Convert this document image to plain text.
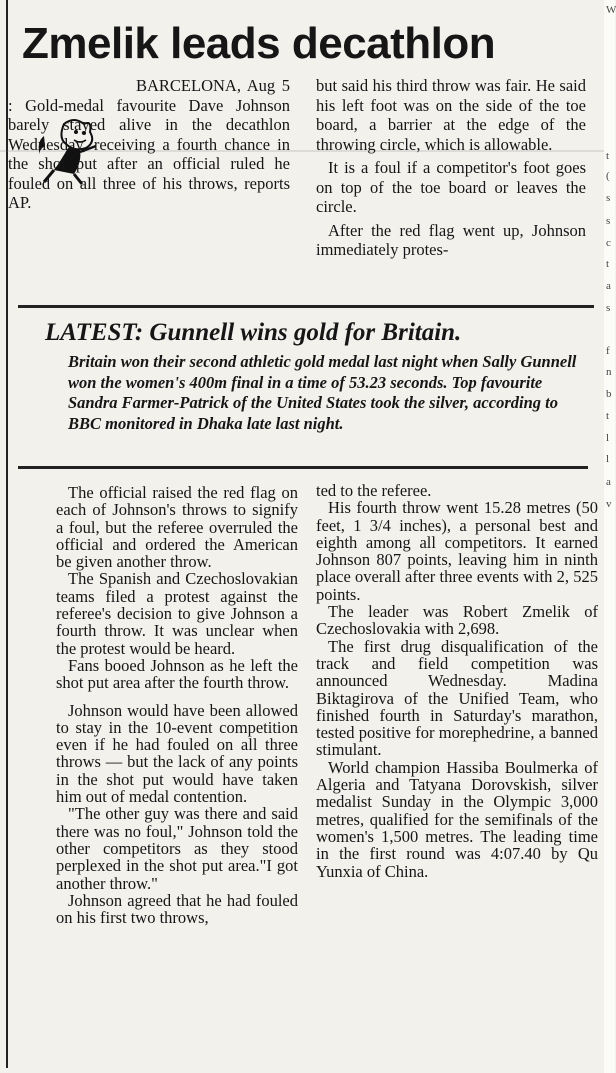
W
t
(
s
s
c
t
a
s
f
n
b
t
l
l
a
v
Zmelik leads decathlon
BARCELONA, Aug 5 : Gold-medal favourite Dave Johnson barely stayed alive in the decathlon Wednesday, receiving a fourth chance in the shot put after an official ruled he fouled on all three of his throws, reports AP.

but said his third throw was fair. He said his left foot was on the side of the toe board, a barrier at the edge of the throwing circle, which is allowable.

It is a foul if a competitor's foot goes on top of the toe board or leaves the circle.

After the red flag went up, Johnson immediately protes-

LATEST: Gunnell wins gold for Britain.

Britain won their second athletic gold medal last night when Sally Gunnell won the women's 400m final in a time of 53.23 seconds. Top favourite Sandra Farmer-Patrick of the United States took the silver, according to BBC monitored in Dhaka late last night.

The official raised the red flag on each of Johnson's throws to signify a foul, but the referee overruled the official and ordered the American be given another throw.

The Spanish and Czechoslovakian teams filed a protest against the referee's decision to give Johnson a fourth throw. It was unclear when the protest would be heard.

Fans booed Johnson as he left the shot put area after the fourth throw.

Johnson would have been allowed to stay in the 10-event competition even if he had fouled on all three throws — but the lack of any points in the shot put would have taken him out of medal contention.

"The other guy was there and said there was no foul," Johnson told the other competitors as they stood perplexed in the shot put area."I got another throw."

Johnson agreed that he had fouled on his first two throws,

ted to the referee.

His fourth throw went 15.28 metres (50 feet, 1 3/4 inches), a personal best and eighth among all competitors. It earned Johnson 807 points, leaving him in ninth place overall after three events with 2, 525 points.

The leader was Robert Zmelik of Czechoslovakia with 2,698.

The first drug disqualification of the track and field competition was announced Wednesday. Madina Biktagirova of the Unified Team, who finished fourth in Saturday's marathon, tested positive for morephedrine, a banned stimulant.

World champion Hassiba Boulmerka of Algeria and Tatyana Dorovskish, silver medalist Sunday in the Olympic 3,000 metres, qualified for the semifinals of the women's 1,500 metres. The leading time in the first round was 4:07.40 by Qu Yunxia of China.
